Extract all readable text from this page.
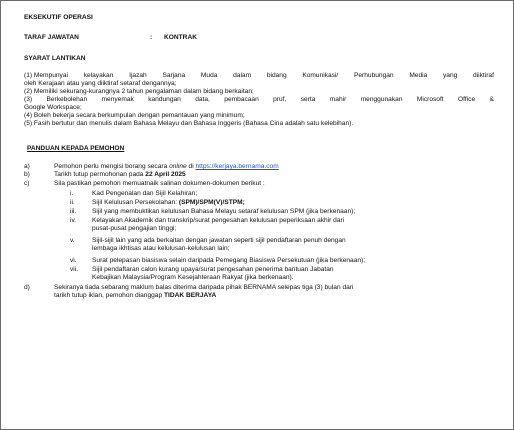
EKSEKUTIF OPERASI
TARAF JAWATAN	: KONTRAK
SYARAT LANTIKAN
(1) Mempunyai kelayakan Ijazah Sarjana Muda dalam bidang Komunikasi/ Perhubungan Media yang diiktiraf
oleh Kerajaan atau yang diiktiraf setaraf dengannya;
(2) Memiliki sekurang-kurangnya 2 tahun pengalaman dalam bidang berkaitan;
(3) Berkebolehan menyemak kandungan data, pembacaan pruf, serta mahir menggunakan Microsoft Office &
Google Workspace;
(4) Boleh bekerja secara berkumpulan dengan pemantauan yang minimum;
(5) Fasih bertutur dan menulis dalam Bahasa Melayu dan Bahasa Inggeris (Bahasa Cina adalah satu kelebihan).
PANDUAN KEPADA PEMOHON
a)	Pemohon perlu mengisi borang secara online di https://kerjaya.bernama.com
b)	Tarikh tutup permohonan pada 22 April 2025
c)	Sila pastikan pemohon memuatnaik salinan dokumen-dokumen berikut :
i.	Kad Pengenalan dan Sijil Kelahiran;
ii.	Sijil Kelulusan Persekolahan: (SPM)/SPM(V)/STPM;
iii. Sijil yang membuktikan kelulusan Bahasa Melayu setaraf kelulusan SPM (jika berkenaan);
iv. Kelayakan Akademik dan transkrip/surat pengesahan kelulusan peperiksaan akhir dari
pusat-pusat pengajian tinggi;
v.	Sijil-sijil lain yang ada berkaitan dengan jawatan seperti sijil pendaftaran penuh dengan
lembaga ikhtisas atau kelulusan-kelulusan lain;
vi. Surat pelepasan biasiswa selain daripada Pemegang Biasiswa Persekutuan (jika berkenaan);
vii. Sijil pendaftaran calon kurang upaya/surat pengesahan penerima bantuan Jabatan
Kebajikan Malaysia/Program Kesejahteraan Rakyat (jika berkenaan).
d)	Sekiranya tiada sebarang maklum balas diterima daripada pihak BERNAMA selepas tiga (3) bulan dari
tarikh tutup iklan, pemohon dianggap TIDAK BERJAYA
